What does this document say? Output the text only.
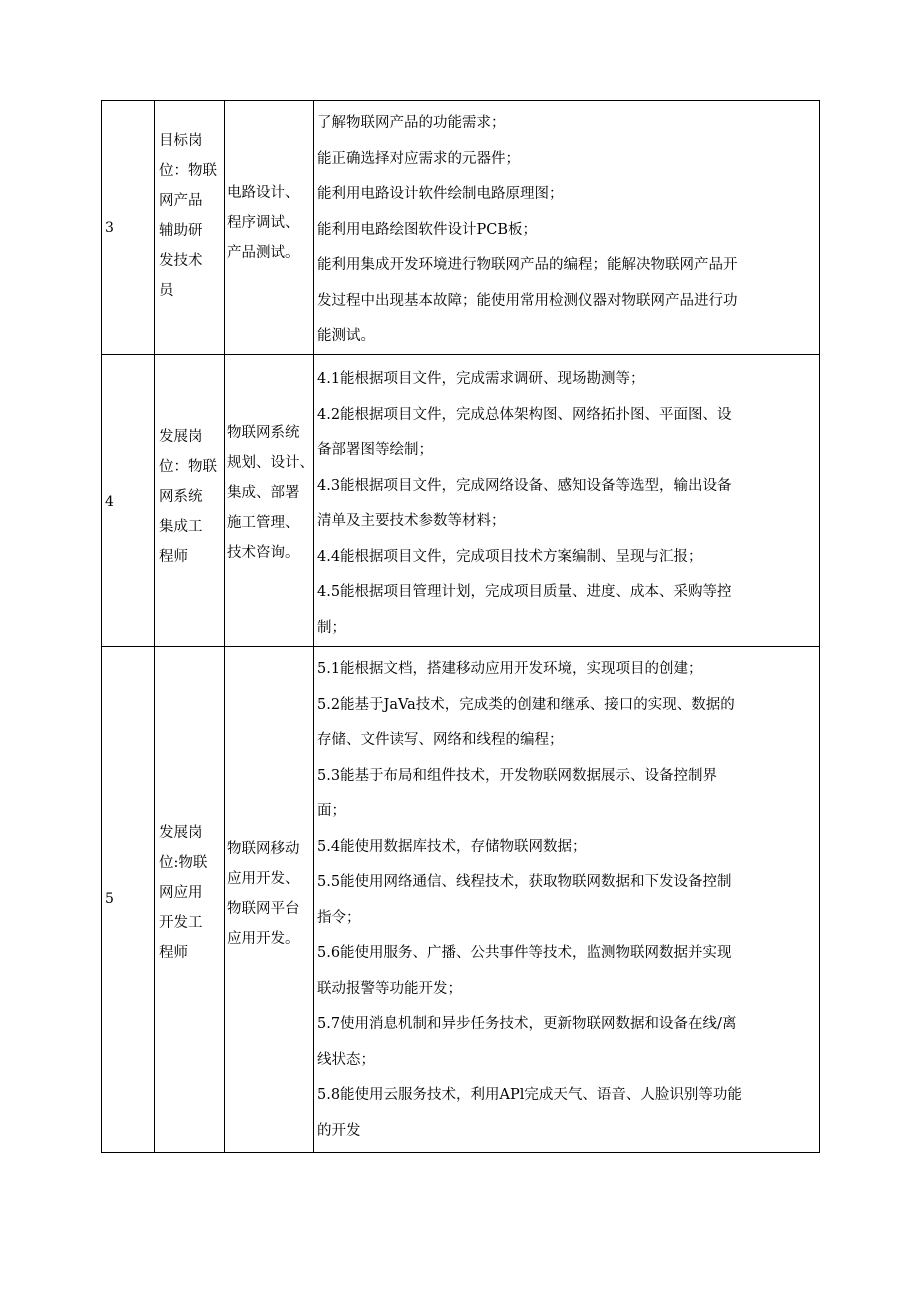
3
目标岗
位：物联
网产品
辅助研
发技术
员
电路设计、
程序调试、
产品测试。
了解物联网产品的功能需求；
能正确选择对应需求的元器件；
能利用电路设计软件绘制电路原理图；
能利用电路绘图软件设计PCB板；
能利用集成开发环境进行物联网产品的编程；能解决物联网产品开
发过程中出现基本故障；能使用常用检测仪器对物联网产品进行功
能测试。
4
发展岗
位：物联
网系统
集成工
程师
物联网系统
规划、设计、
集成、部署
施工管理、
技术咨询。
4.1能根据项目文件，完成需求调研、现场勘测等；
4.2能根据项目文件，完成总体架构图、网络拓扑图、平面图、设
备部署图等绘制；
4.3能根据项目文件，完成网络设备、感知设备等选型，输出设备
清单及主要技术参数等材料；
4.4能根据项目文件，完成项目技术方案编制、呈现与汇报；
4.5能根据项目管理计划，完成项目质量、进度、成本、采购等控
制；
5
发展岗
位:物联
网应用
开发工
程师
物联网移动
应用开发、
物联网平台
应用开发。
5.1能根据文档，搭建移动应用开发环境，实现项目的创建；
5.2能基于JaVa技术，完成类的创建和继承、接口的实现、数据的
存储、文件读写、网络和线程的编程；
5.3能基于布局和组件技术，开发物联网数据展示、设备控制界
面；
5.4能使用数据库技术，存储物联网数据；
5.5能使用网络通信、线程技术，获取物联网数据和下发设备控制
指令；
5.6能使用服务、广播、公共事件等技术，监测物联网数据并实现
联动报警等功能开发；
5.7使用消息机制和异步任务技术，更新物联网数据和设备在线/离
线状态；
5.8能使用云服务技术，利用APl完成天气、语音、人脸识别等功能
的开发
